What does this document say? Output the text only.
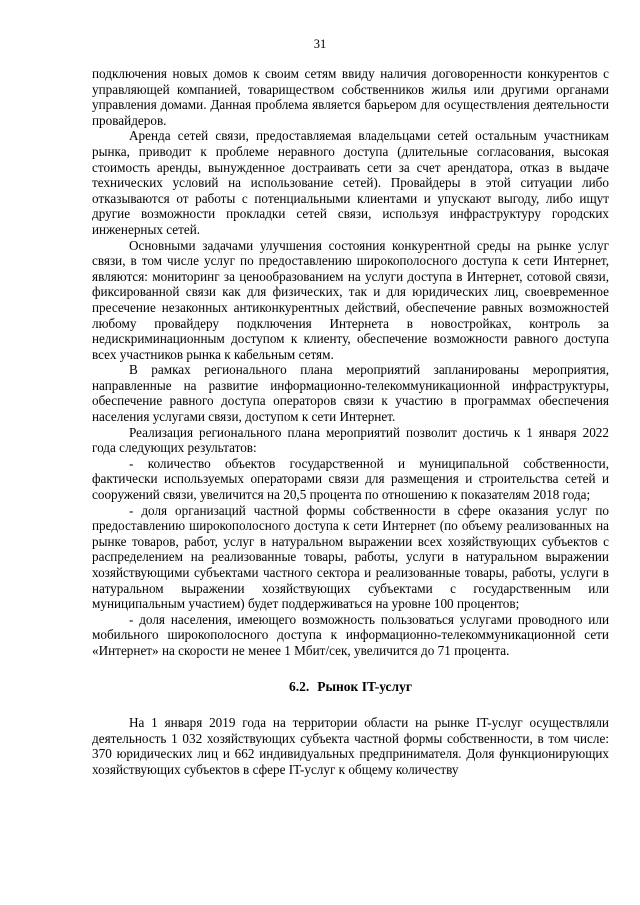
31

подключения новых домов к своим сетям ввиду наличия договоренности конкурентов с управляющей компанией, товариществом собственников жилья или другими органами управления домами. Данная проблема является барьером для осуществления деятельности провайдеров.

Аренда сетей связи, предоставляемая владельцами сетей остальным участникам рынка, приводит к проблеме неравного доступа (длительные согласования, высокая стоимость аренды, вынужденное достраивать сети за счет арендатора, отказ в выдаче технических условий на использование сетей). Провайдеры в этой ситуации либо отказываются от работы с потенциальными клиентами и упускают выгоду, либо ищут другие возможности прокладки сетей связи, используя инфраструктуру городских инженерных сетей.

Основными задачами улучшения состояния конкурентной среды на рынке услуг связи, в том числе услуг по предоставлению широкополосного доступа к сети Интернет, являются: мониторинг за ценообразованием на услуги доступа в Интернет, сотовой связи, фиксированной связи как для физических, так и для юридических лиц, своевременное пресечение незаконных антиконкурентных действий, обеспечение равных возможностей любому провайдеру подключения Интернета в новостройках, контроль за недискриминационным доступом к клиенту, обеспечение возможности равного доступа всех участников рынка к кабельным сетям.

В рамках регионального плана мероприятий запланированы мероприятия, направленные на развитие информационно-телекоммуникационной инфраструктуры, обеспечение равного доступа операторов связи к участию в программах обеспечения населения услугами связи, доступом к сети Интернет.

Реализация регионального плана мероприятий позволит достичь к 1 января 2022 года следующих результатов:

- количество объектов государственной и муниципальной собственности, фактически используемых операторами связи для размещения и строительства сетей и сооружений связи, увеличится на 20,5 процента по отношению к показателям 2018 года;

- доля организаций частной формы собственности в сфере оказания услуг по предоставлению широкополосного доступа к сети Интернет (по объему реализованных на рынке товаров, работ, услуг в натуральном выражении всех хозяйствующих субъектов с распределением на реализованные товары, работы, услуги в натуральном выражении хозяйствующими субъектами частного сектора и реализованные товары, работы, услуги в натуральном выражении хозяйствующих субъектами с государственным или муниципальным участием) будет поддерживаться на уровне 100 процентов;

- доля населения, имеющего возможность пользоваться услугами проводного или мобильного широкополосного доступа к информационно-телекоммуникационной сети «Интернет» на скорости не менее 1 Мбит/сек, увеличится до 71 процента.

6.2. Рынок IT-услуг

На 1 января 2019 года на территории области на рынке IT-услуг осуществляли деятельность 1 032 хозяйствующих субъекта частной формы собственности, в том числе: 370 юридических лиц и 662 индивидуальных предпринимателя. Доля функционирующих хозяйствующих субъектов в сфере IT-услуг к общему количеству
